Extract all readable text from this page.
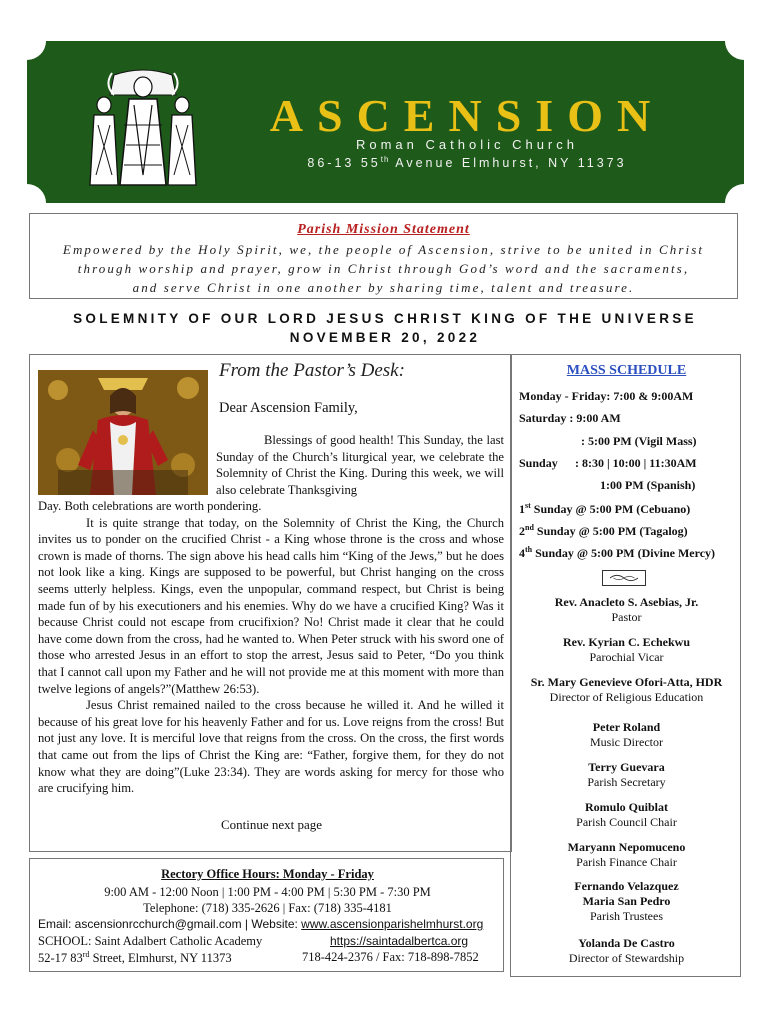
ASCENSION
Roman Catholic Church
86-13 55th Avenue Elmhurst, NY 11373
Parish Mission Statement
Empowered by the Holy Spirit, we, the people of Ascension, strive to be united in Christ
through worship and prayer, grow in Christ through God’s word and the sacraments,
and serve Christ in one another by sharing time, talent and treasure.
SOLEMNITY OF OUR LORD JESUS CHRIST KING OF THE UNIVERSE
NOVEMBER 20, 2022
From the Pastor’s Desk:
Dear Ascension Family,

Blessings of good health! This Sunday, the last Sunday of the Church’s liturgical year, we celebrate the Solemnity of Christ the King. During this week, we will also celebrate Thanksgiving

Day. Both celebrations are worth pondering.

It is quite strange that today, on the Solemnity of Christ the King, the Church invites us to ponder on the crucified Christ - a King whose throne is the cross and whose crown is made of thorns. The sign above his head calls him “King of the Jews,” but he does not look like a king. Kings are supposed to be powerful, but Christ hanging on the cross seems utterly helpless. Kings, even the unpopular, command respect, but Christ is being made fun of by his executioners and his enemies. Why do we have a crucified King? Was it because Christ could not escape from crucifixion? No! Christ made it clear that he could have come down from the cross, had he wanted to. When Peter struck with his sword one of those who arrested Jesus in an effort to stop the arrest, Jesus said to Peter, “Do you think that I cannot call upon my Father and he will not provide me at this moment with more than twelve legions of angels?”(Matthew 26:53).

Jesus Christ remained nailed to the cross because he willed it. And he willed it because of his great love for his heavenly Father and for us. Love reigns from the cross! But not just any love. It is merciful love that reigns from the cross. On the cross, the first words that came out from the lips of Christ the King are: “Father, forgive them, for they do not know what they are doing”(Luke 23:34). They are words asking for mercy for those who are crucifying him.

Continue next page
Rectory Office Hours: Monday - Friday
9:00 AM - 12:00 Noon | 1:00 PM - 4:00 PM | 5:30 PM - 7:30 PM
Telephone: (718) 335-2626 | Fax: (718) 335-4181
Email: ascensionrcchurch@gmail.com | Website: www.ascensionparishelmhurst.org
SCHOOL: Saint Adalbert Catholic Academy	https://saintadalbertca.org
52-17 83rd Street, Elmhurst, NY 11373	718-424-2376 / Fax: 718-898-7852
MASS SCHEDULE
Monday - Friday: 7:00 & 9:00AM
Saturday : 9:00 AM
: 5:00 PM (Vigil Mass)
Sunday : 8:30 | 10:00 | 11:30AM
1:00 PM (Spanish)
1st Sunday @ 5:00 PM (Cebuano)
2nd Sunday @ 5:00 PM (Tagalog)
4th Sunday @ 5:00 PM (Divine Mercy)
Rev. Anacleto S. Asebias, Jr.
Pastor
Rev. Kyrian C. Echekwu
Parochial Vicar
Sr. Mary Genevieve Ofori-Atta, HDR
Director of Religious Education
Peter Roland
Music Director
Terry Guevara
Parish Secretary
Romulo Quiblat
Parish Council Chair
Maryann Nepomuceno
Parish Finance Chair
Fernando Velazquez
Maria San Pedro
Parish Trustees
Yolanda De Castro
Director of Stewardship
